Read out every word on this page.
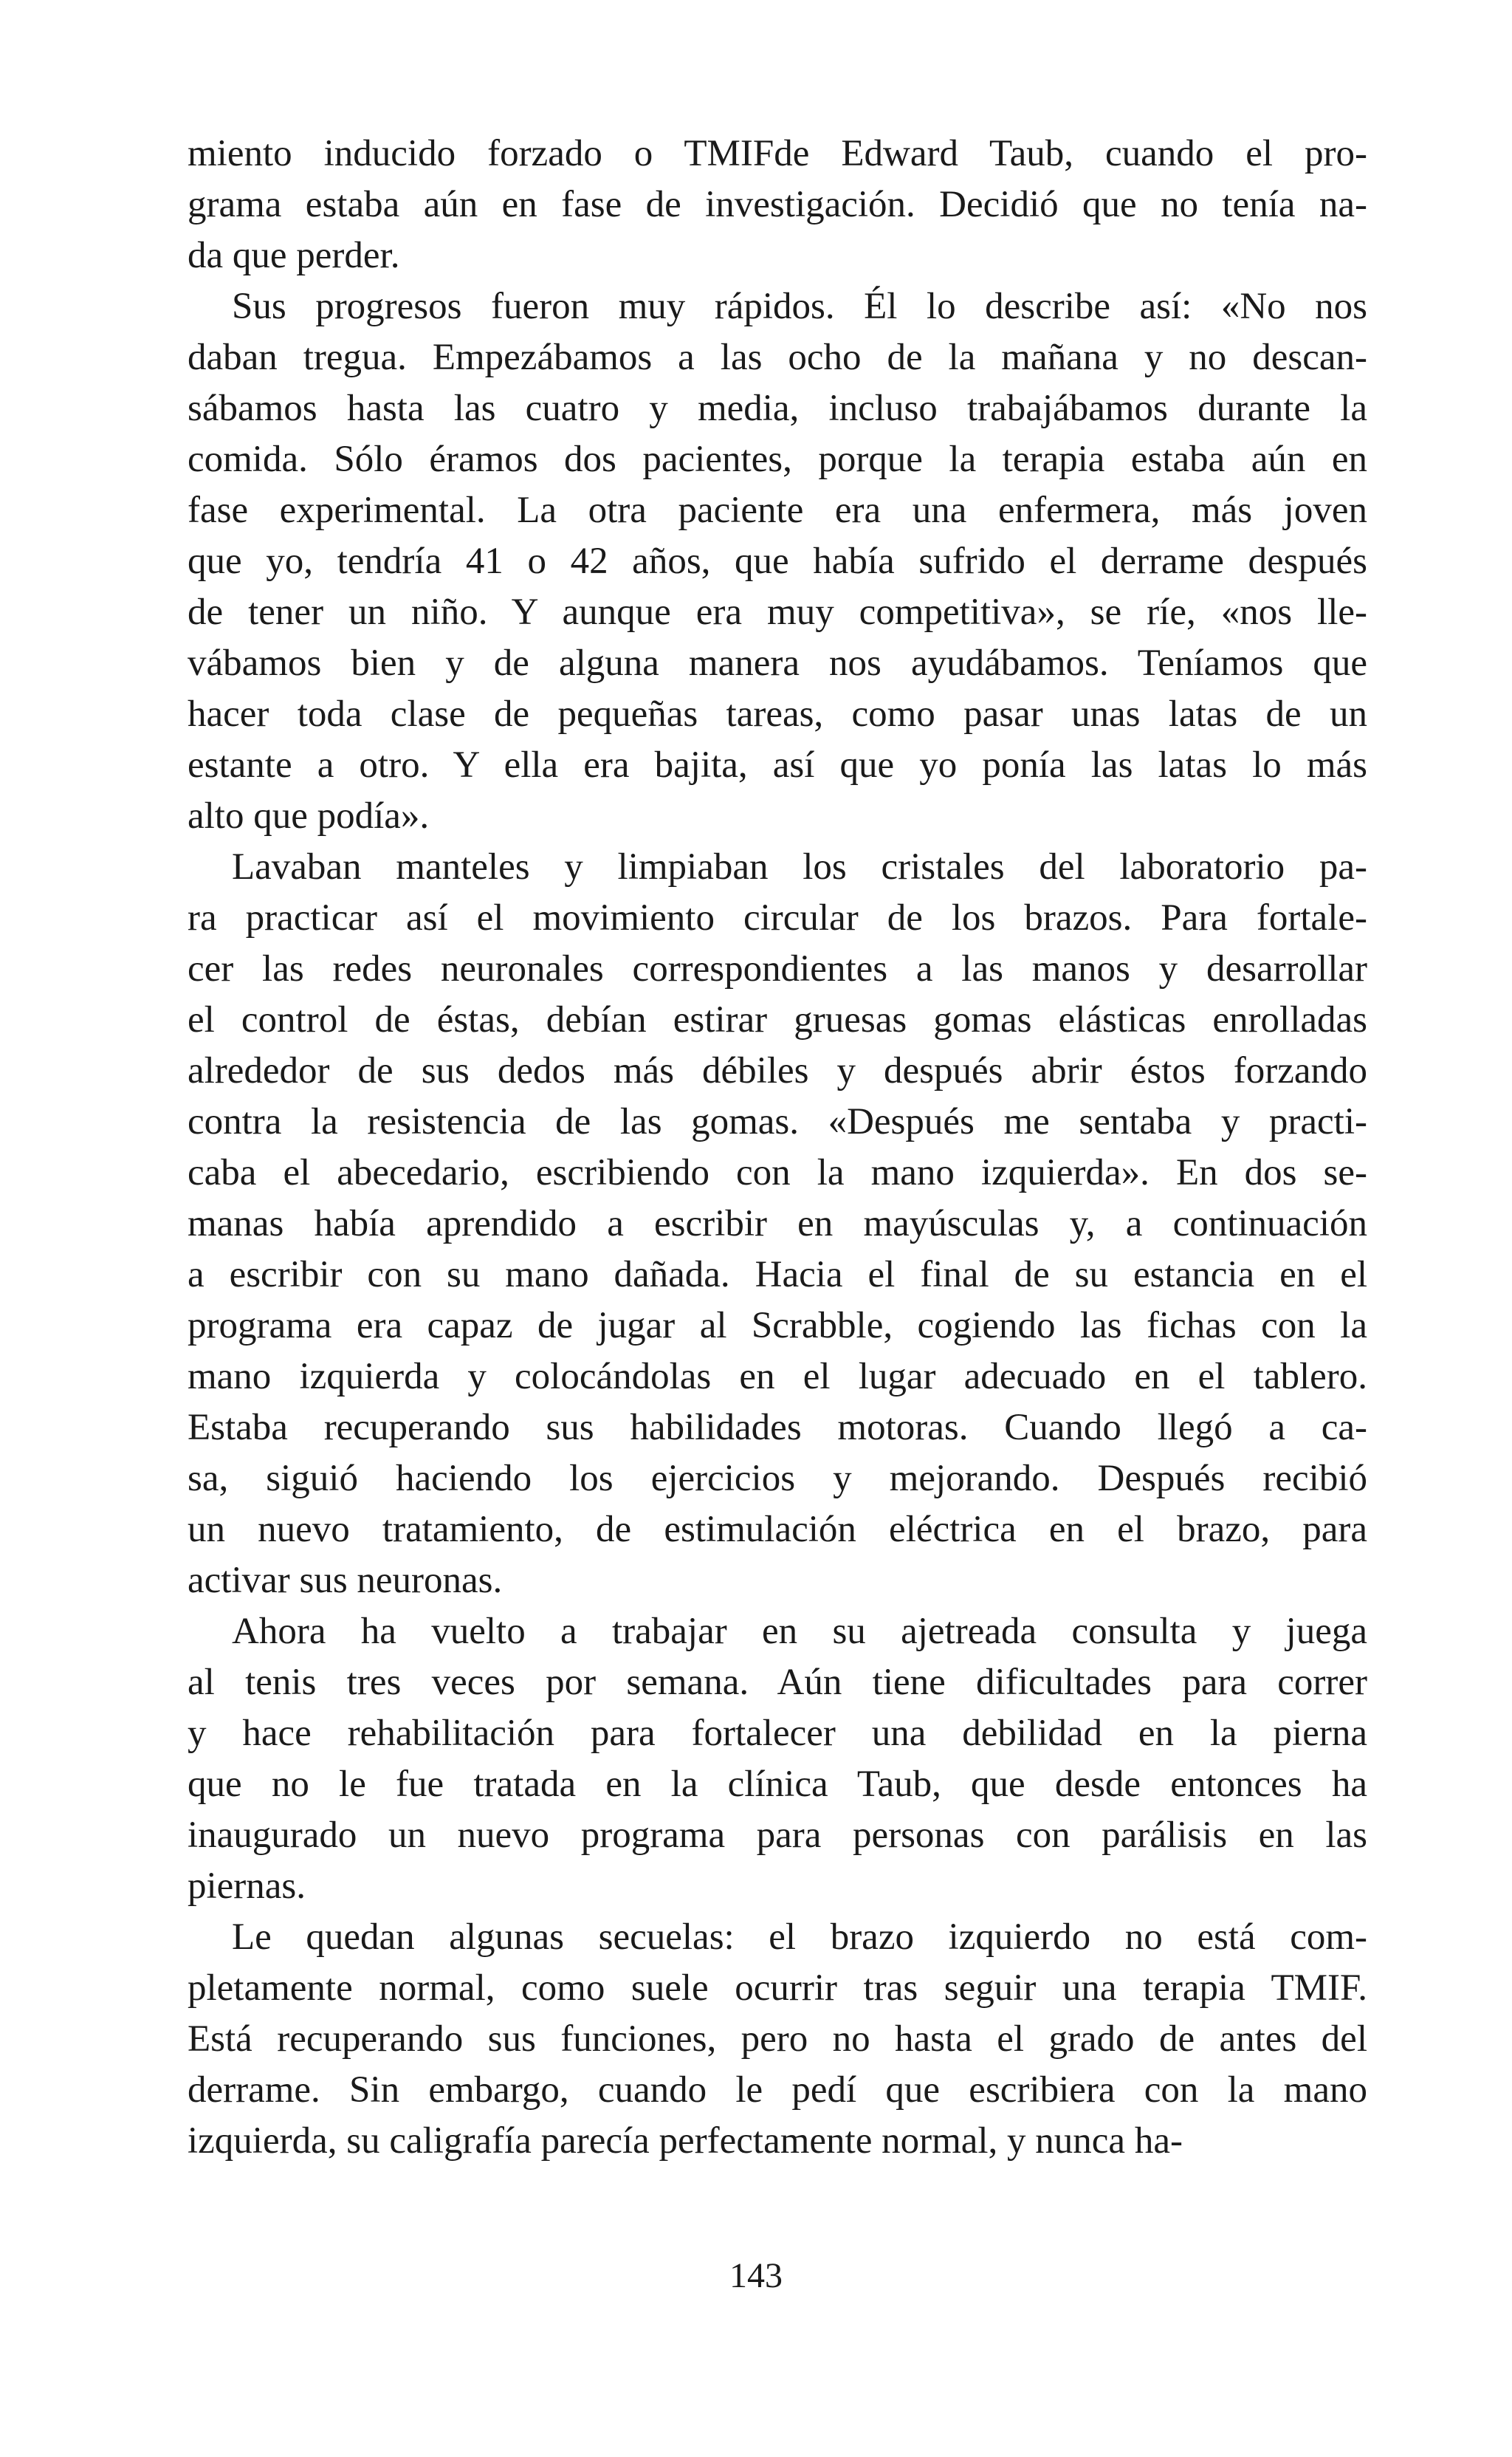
miento inducido forzado o TMIFde Edward Taub, cuando el pro-
grama estaba aún en fase de investigación. Decidió que no tenía na-
da que perder.
Sus progresos fueron muy rápidos. Él lo describe así: «No nos
daban tregua. Empezábamos a las ocho de la mañana y no descan-
sábamos hasta las cuatro y media, incluso trabajábamos durante la
comida. Sólo éramos dos pacientes, porque la terapia estaba aún en
fase experimental. La otra paciente era una enfermera, más joven
que yo, tendría 41 o 42 años, que había sufrido el derrame después
de tener un niño. Y aunque era muy competitiva», se ríe, «nos lle-
vábamos bien y de alguna manera nos ayudábamos. Teníamos que
hacer toda clase de pequeñas tareas, como pasar unas latas de un
estante a otro. Y ella era bajita, así que yo ponía las latas lo más
alto que podía».
Lavaban manteles y limpiaban los cristales del laboratorio pa-
ra practicar así el movimiento circular de los brazos. Para fortale-
cer las redes neuronales correspondientes a las manos y desarrollar
el control de éstas, debían estirar gruesas gomas elásticas enrolladas
alrededor de sus dedos más débiles y después abrir éstos forzando
contra la resistencia de las gomas. «Después me sentaba y practi-
caba el abecedario, escribiendo con la mano izquierda». En dos se-
manas había aprendido a escribir en mayúsculas y, a continuación
a escribir con su mano dañada. Hacia el final de su estancia en el
programa era capaz de jugar al Scrabble, cogiendo las fichas con la
mano izquierda y colocándolas en el lugar adecuado en el tablero.
Estaba recuperando sus habilidades motoras. Cuando llegó a ca-
sa, siguió haciendo los ejercicios y mejorando. Después recibió
un nuevo tratamiento, de estimulación eléctrica en el brazo, para
activar sus neuronas.
Ahora ha vuelto a trabajar en su ajetreada consulta y juega
al tenis tres veces por semana. Aún tiene dificultades para correr
y hace rehabilitación para fortalecer una debilidad en la pierna
que no le fue tratada en la clínica Taub, que desde entonces ha
inaugurado un nuevo programa para personas con parálisis en las
piernas.
Le quedan algunas secuelas: el brazo izquierdo no está com-
pletamente normal, como suele ocurrir tras seguir una terapia TMIF.
Está recuperando sus funciones, pero no hasta el grado de antes del
derrame. Sin embargo, cuando le pedí que escribiera con la mano
izquierda, su caligrafía parecía perfectamente normal, y nunca ha-
143
